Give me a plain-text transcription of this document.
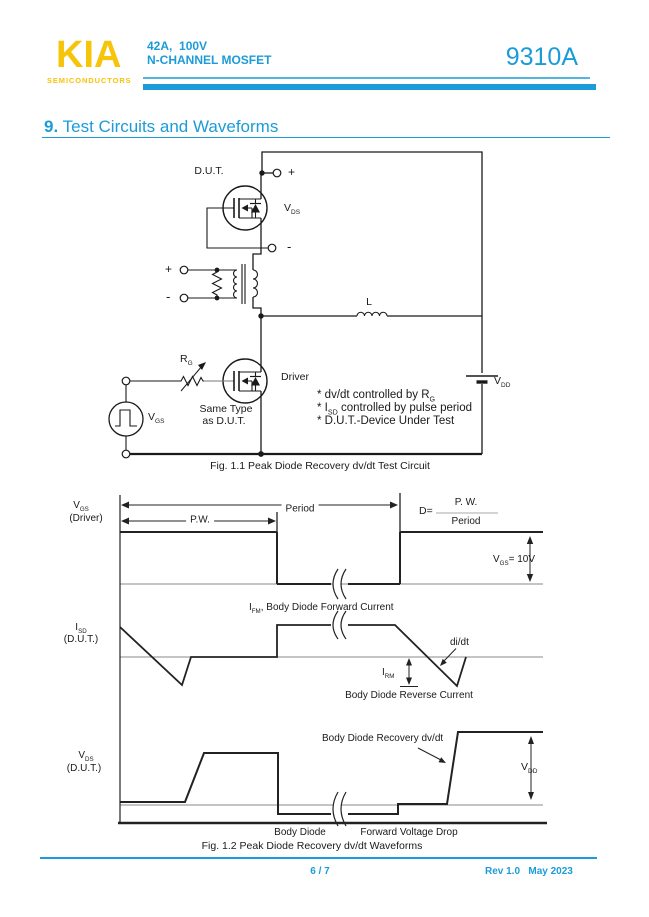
KIA
SEMICONDUCTORS
42A,  100V
N-CHANNEL MOSFET	9310A
9. Test Circuits and Waveforms
D.U.T.	+
$V_{DS}$
-
+
-	L
$R_G$
Driver
Same Type
as D.U.T.
$V_{GS}$
$V_{DD}$
* dv/dt controlled by $R_G$
* $I_{SD}$ controlled by pulse period
* D.U.T.-Device Under Test
Fig. 1.1 Peak Diode Recovery dv/dt Test Circuit
$V_{GS}$
(Driver)	P.W.
Period	D=
P. W.
Period
$V_{GS}= 10V$
$I_{SD}$
(D.U.T.)
$I_{FM}$, Body Diode Forward Current
di/dt
$I_{RM}$
Body Diode Reverse Current
$V_{DS}$
(D.U.T.)
Body Diode Recovery dv/dt
$V_{DD}$
Body Diode	Forward Voltage Drop
Fig. 1.2 Peak Diode Recovery dv/dt Waveforms
6 / 7	Rev 1.0   May 2023
